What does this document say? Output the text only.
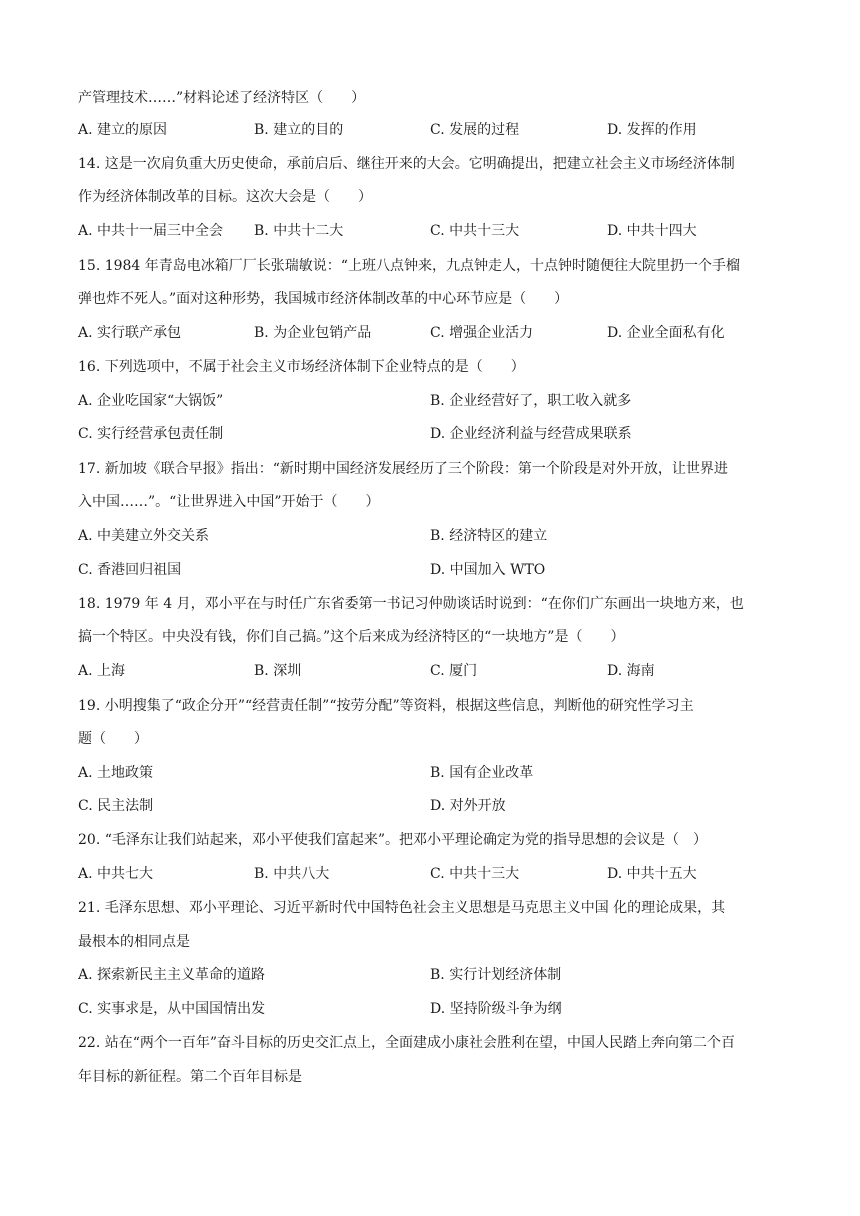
产管理技术……”材料论述了经济特区（　　）
A. 建立的原因	B. 建立的目的	C. 发展的过程	D. 发挥的作用
14. 这是一次肩负重大历史使命，承前启后、继往开来的大会。它明确提出，把建立社会主义市场经济体制
作为经济体制改革的目标。这次大会是（　　）
A. 中共十一届三中全会 B. 中共十二大	C. 中共十三大	D. 中共十四大
15. 1984 年青岛电冰箱厂厂长张瑞敏说：“上班八点钟来，九点钟走人，十点钟时随便往大院里扔一个手榴
弹也炸不死人。”面对这种形势，我国城市经济体制改革的中心环节应是（　　）
A. 实行联产承包	B. 为企业包销产品	C. 增强企业活力	D. 企业全面私有化
16. 下列选项中，不属于社会主义市场经济体制下企业特点的是（　　）
A. 企业吃国家“大锅饭”	B. 企业经营好了，职工收入就多
C. 实行经营承包责任制	D. 企业经济利益与经营成果联系
17. 新加坡《联合早报》指出：“新时期中国经济发展经历了三个阶段：第一个阶段是对外开放，让世界进
入中国……”。“让世界进入中国”开始于（　　）
A. 中美建立外交关系	B. 经济特区的建立
C. 香港回归祖国	D. 中国加入 WTO
18. 1979 年 4 月，邓小平在与时任广东省委第一书记习仲勋谈话时说到：“在你们广东画出一块地方来，也
搞一个特区。中央没有钱，你们自己搞。”这个后来成为经济特区的“一块地方”是（　　）
A. 上海	B. 深圳	C. 厦门	D. 海南
19. 小明搜集了“政企分开”“经营责任制”“按劳分配”等资料，根据这些信息，判断他的研究性学习主
题（　　）
A. 土地政策	B. 国有企业改革
C. 民主法制	D. 对外开放
20. “毛泽东让我们站起来，邓小平使我们富起来”。把邓小平理论确定为党的指导思想的会议是（　）
A. 中共七大	B. 中共八大	C. 中共十三大	D. 中共十五大
21. 毛泽东思想、邓小平理论、习近平新时代中国特色社会主义思想是马克思主义中国 化的理论成果，其
最根本的相同点是
A. 探索新民主主义革命的道路	B. 实行计划经济体制
C. 实事求是，从中国国情出发	D. 坚持阶级斗争为纲
22. 站在“两个一百年”奋斗目标的历史交汇点上，全面建成小康社会胜利在望，中国人民踏上奔向第二个百
年目标的新征程。第二个百年目标是
